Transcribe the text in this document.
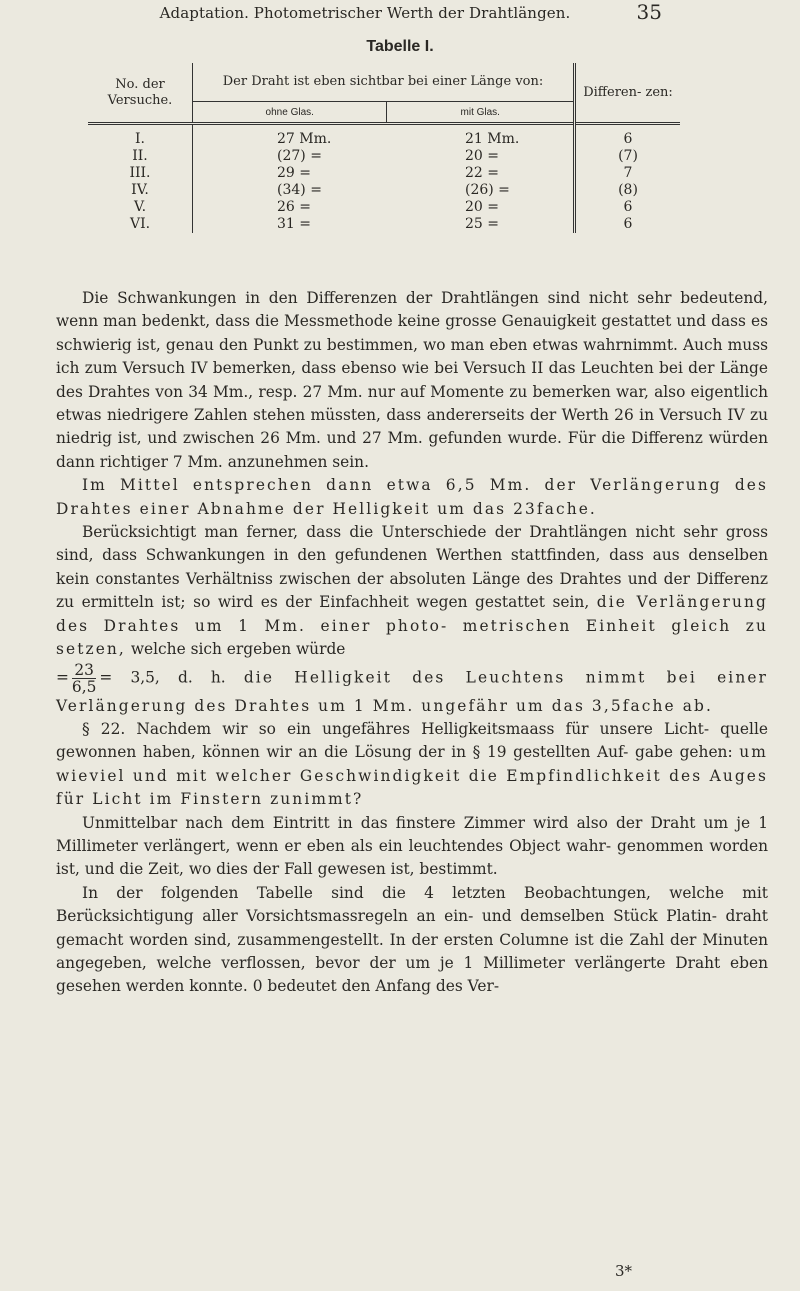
Adaptation. Photometrischer Werth der Drahtlängen.	35
Tabelle I.
No. der Versuche.	Der Draht ist eben sichtbar bei einer Länge von:		Differen- zen:
	ohne Glas.	mit Glas.	

I.	27 Mm.	21 Mm.	6
II.	(27) =	20 =	(7)
III.	29 =	22 =	7
IV.	(34) =	(26) =	(8)
V.	26 =	20 =	6
VI.	31 =	25 =	6

Die Schwankungen in den Differenzen der Drahtlängen sind nicht sehr bedeutend, wenn man bedenkt, dass die Messmethode keine grosse Genauigkeit gestattet und dass es schwierig ist, genau den Punkt zu bestimmen, wo man eben etwas wahrnimmt. Auch muss ich zum Versuch IV bemerken, dass ebenso wie bei Versuch II das Leuchten bei der Länge des Drahtes von 34 Mm., resp. 27 Mm. nur auf Momente zu bemerken war, also eigentlich etwas niedrigere Zahlen stehen müssten, dass andererseits der Werth 26 in Versuch IV zu niedrig ist, und zwischen 26 Mm. und 27 Mm. gefunden wurde. Für die Differenz würden dann richtiger 7 Mm. anzunehmen sein.

Im Mittel entsprechen dann etwa 6,5 Mm. der Verlängerung des Drahtes einer Abnahme der Helligkeit um das 23fache.

Berücksichtigt man ferner, dass die Unterschiede der Drahtlängen nicht sehr gross sind, dass Schwankungen in den gefundenen Werthen stattfinden, dass aus denselben kein constantes Verhältniss zwischen der absoluten Länge des Drahtes und der Differenz zu ermitteln ist; so wird es der Einfachheit wegen gestattet sein, die Verlängerung des Drahtes um 1 Mm. einer photo- metrischen Einheit gleich zu setzen, welche sich ergeben würde

= $\frac{23}{6,5} = 3,5$, d. h. die Helligkeit des Leuchtens nimmt bei einer Verlängerung des Drahtes um 1 Mm. ungefähr um das 3,5fache ab.

§ 22. Nachdem wir so ein ungefähres Helligkeitsmaass für unsere Licht- quelle gewonnen haben, können wir an die Lösung der in § 19 gestellten Auf- gabe gehen: um wieviel und mit welcher Geschwindigkeit die Empfindlichkeit des Auges für Licht im Finstern zunimmt?

Unmittelbar nach dem Eintritt in das finstere Zimmer wird also der Draht um je 1 Millimeter verlängert, wenn er eben als ein leuchtendes Object wahr- genommen worden ist, und die Zeit, wo dies der Fall gewesen ist, bestimmt.

In der folgenden Tabelle sind die 4 letzten Beobachtungen, welche mit Berücksichtigung aller Vorsichtsmassregeln an ein- und demselben Stück Platin- draht gemacht worden sind, zusammengestellt. In der ersten Columne ist die Zahl der Minuten angegeben, welche verflossen, bevor der um je 1 Millimeter verlängerte Draht eben gesehen werden konnte. 0 bedeutet den Anfang des Ver-

3*
